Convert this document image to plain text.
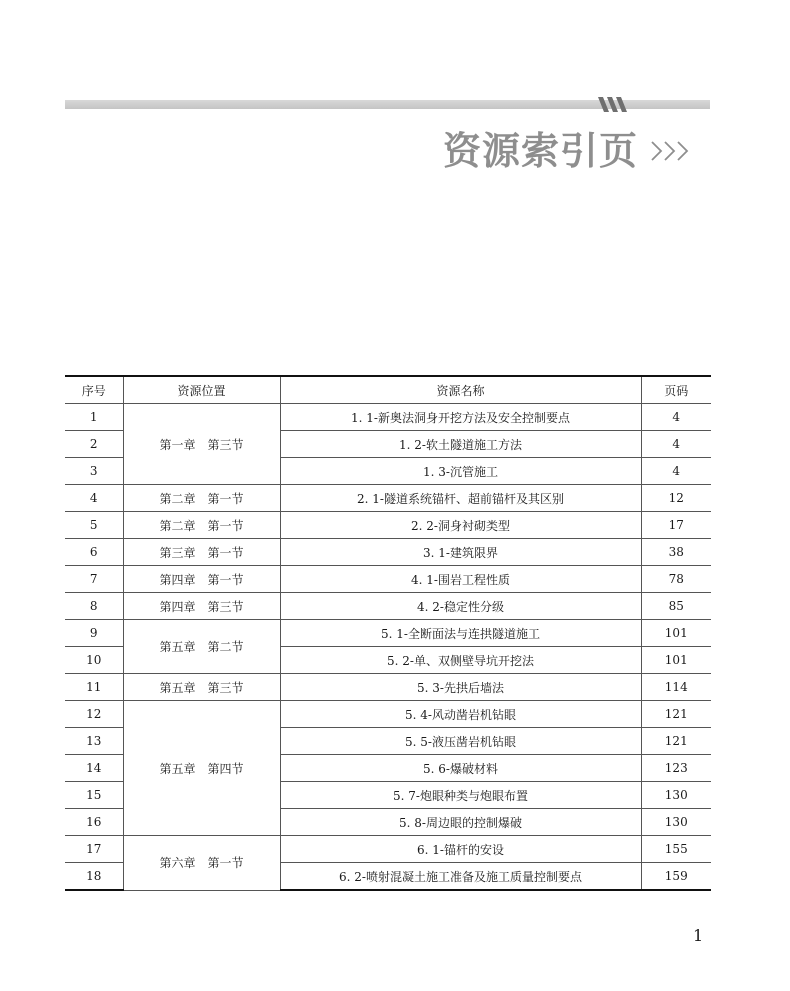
资源索引页
序号	资源位置	资源名称	页码
1	第一章　第三节	1. 1-新奥法洞身开挖方法及安全控制要点	4
2		1. 2-软土隧道施工方法	4
3		1. 3-沉管施工	4
4	第二章　第一节	2. 1-隧道系统锚杆、超前锚杆及其区别	12
5	第二章　第一节	2. 2-洞身衬砌类型	17
6	第三章　第一节	3. 1-建筑限界	38
7	第四章　第一节	4. 1-围岩工程性质	78
8	第四章　第三节	4. 2-稳定性分级	85
9	第五章　第二节	5. 1-全断面法与连拱隧道施工	101
10		5. 2-单、双侧壁导坑开挖法	101
11	第五章　第三节	5. 3-先拱后墙法	114
12	第五章　第四节	5. 4-风动凿岩机钻眼	121
13		5. 5-液压凿岩机钻眼	121
14		5. 6-爆破材料	123
15		5. 7-炮眼种类与炮眼布置	130
16		5. 8-周边眼的控制爆破	130
17	第六章　第一节	6. 1-锚杆的安设	155
18		6. 2-喷射混凝土施工准备及施工质量控制要点	159
1
